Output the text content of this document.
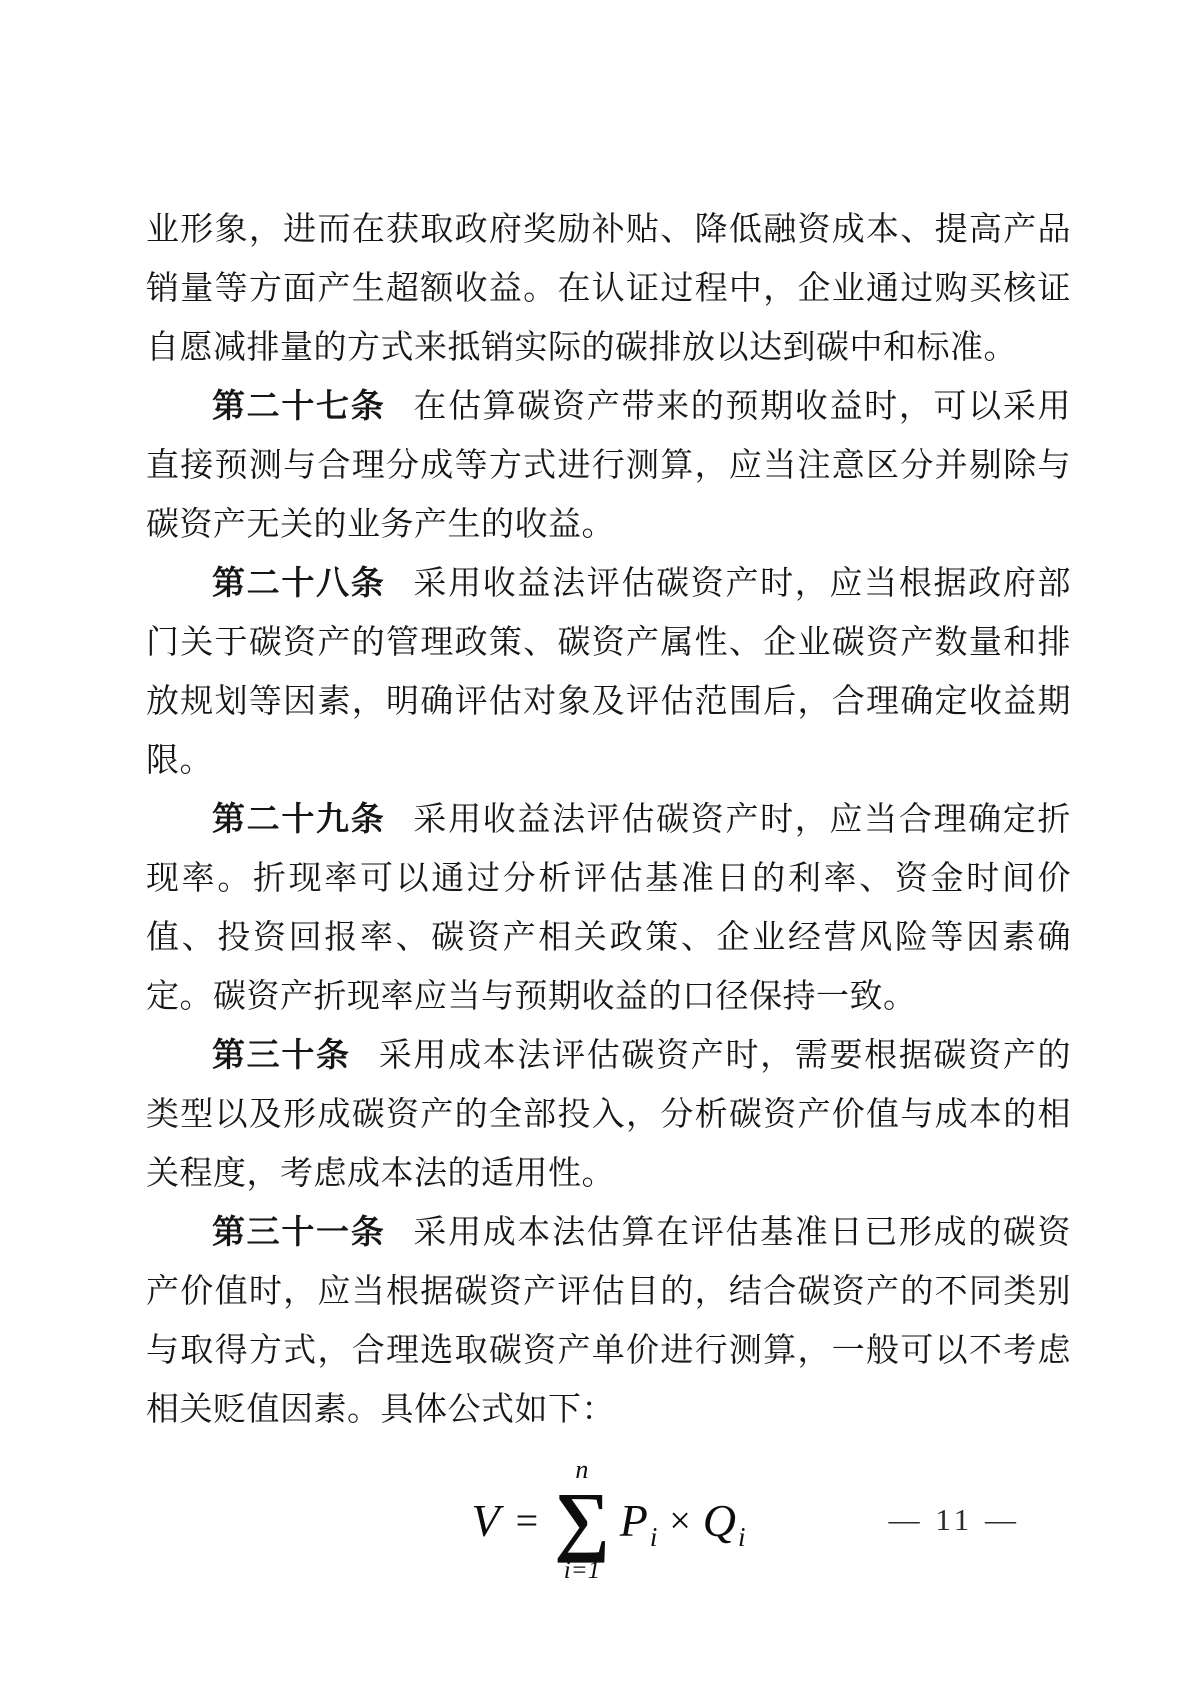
业形象，进而在获取政府奖励补贴、降低融资成本、提高产品销量等方面产生超额收益。在认证过程中，企业通过购买核证自愿减排量的方式来抵销实际的碳排放以达到碳中和标准。

第二十七条 在估算碳资产带来的预期收益时，可以采用直接预测与合理分成等方式进行测算，应当注意区分并剔除与碳资产无关的业务产生的收益。

第二十八条 采用收益法评估碳资产时，应当根据政府部门关于碳资产的管理政策、碳资产属性、企业碳资产数量和排放规划等因素，明确评估对象及评估范围后，合理确定收益期限。

第二十九条 采用收益法评估碳资产时，应当合理确定折现率。折现率可以通过分析评估基准日的利率、资金时间价值、投资回报率、碳资产相关政策、企业经营风险等因素确定。碳资产折现率应当与预期收益的口径保持一致。

第三十条 采用成本法评估碳资产时，需要根据碳资产的类型以及形成碳资产的全部投入，分析碳资产价值与成本的相关程度，考虑成本法的适用性。

第三十一条 采用成本法估算在评估基准日已形成的碳资产价值时，应当根据碳资产评估目的，结合碳资产的不同类别与取得方式，合理选取碳资产单价进行测算，一般可以不考虑相关贬值因素。具体公式如下：

V =
n
∑
i=1
P i × Q i
— 11 —
